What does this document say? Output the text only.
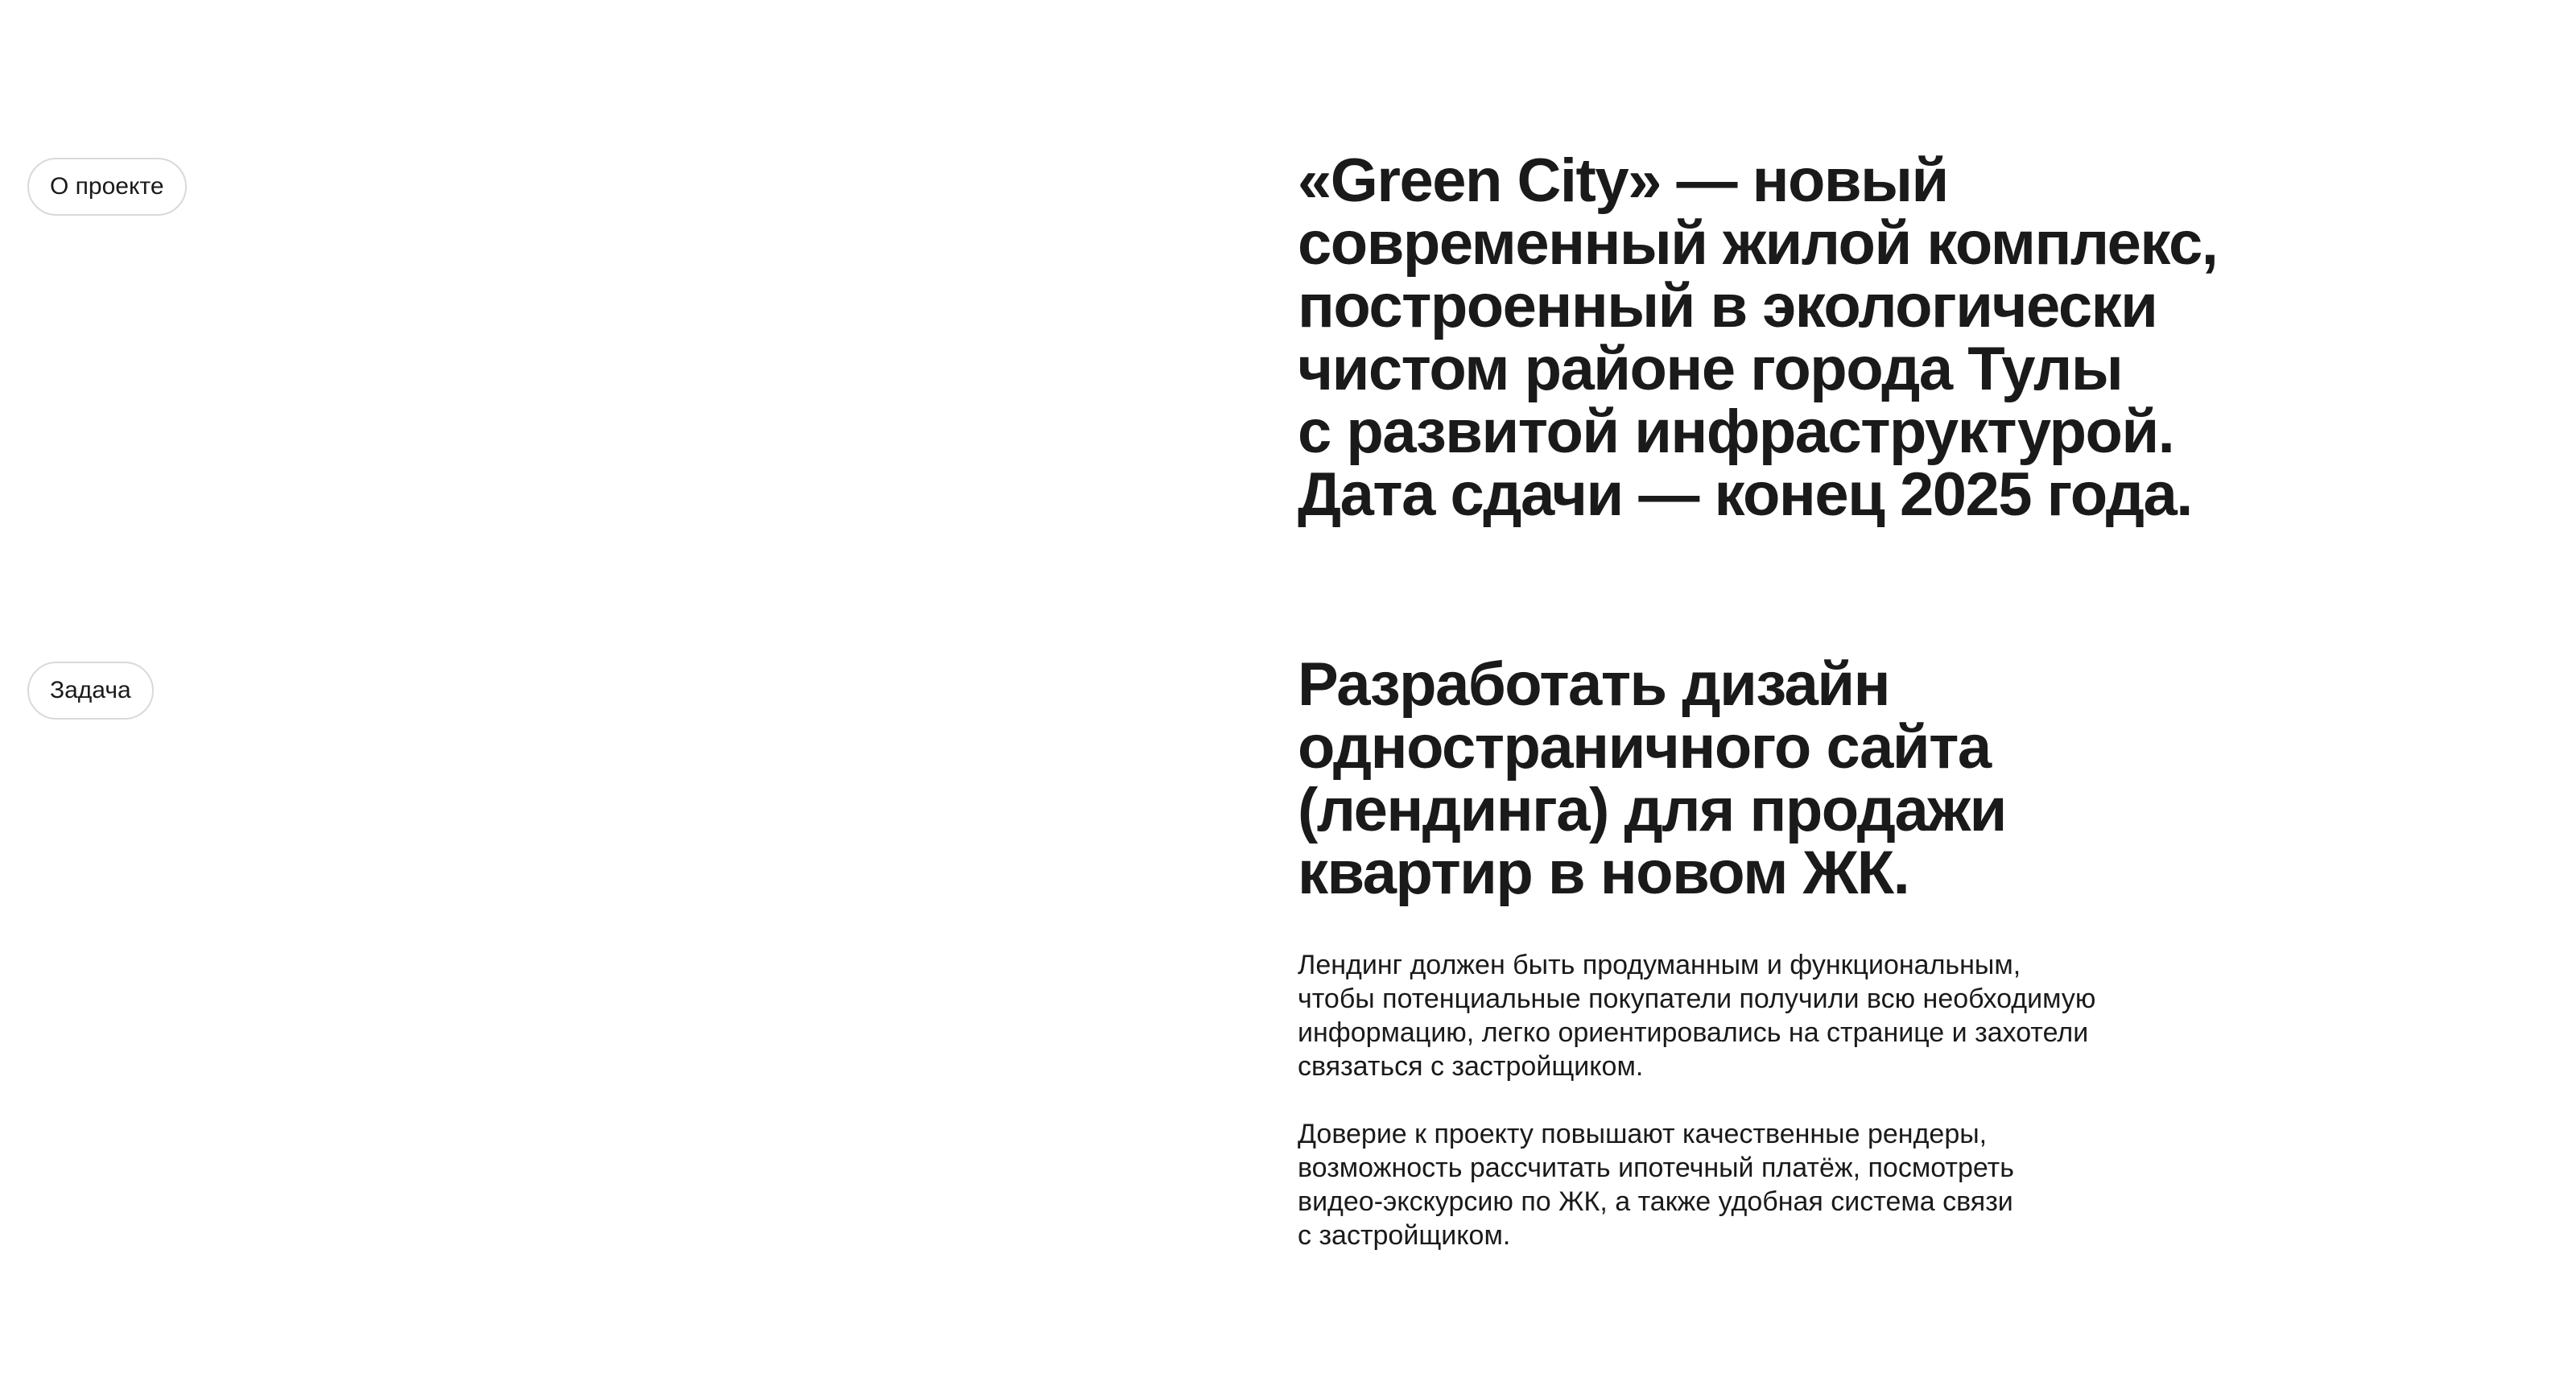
О проекте	«Green City» — новый
современный жилой комплекс,
построенный в экологически
чистом районе города Тулы
с развитой инфраструктурой.
Дата сдачи — конец 2025 года.
Задача	Разработать дизайн
одностраничного сайта
(лендинга) для продажи
квартир в новом ЖК.

Лендинг должен быть продуманным и функциональным,
чтобы потенциальные покупатели получили всю необходимую
информацию, легко ориентировались на странице и захотели
связаться с застройщиком.

Доверие к проекту повышают качественные рендеры,
возможность рассчитать ипотечный платёж, посмотреть
видео-экскурсию по ЖК, а также удобная система связи
с застройщиком.
